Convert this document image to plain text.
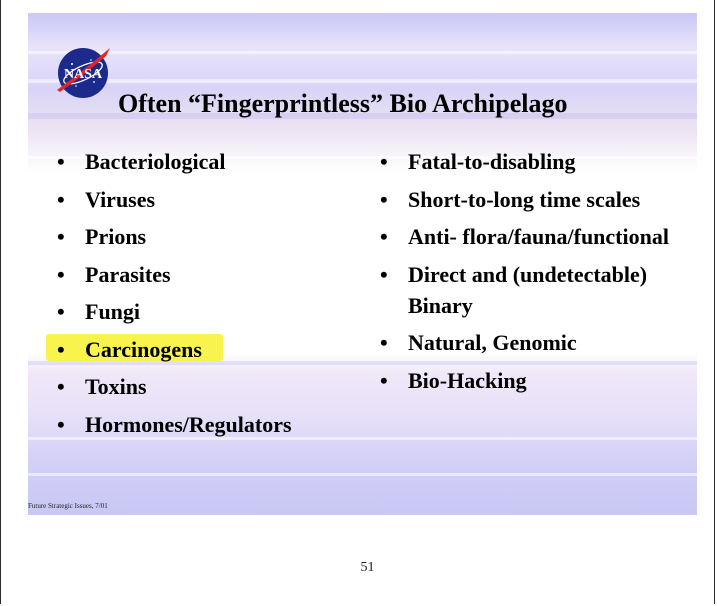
NASA
Often “Fingerprintless” Bio Archipelago
• Bacteriological
• Viruses
• Prions
• Parasites
• Fungi
• Carcinogens
• Toxins
• Hormones/Regulators
• Fatal-to-disabling
• Short-to-long time scales
• Anti- flora/fauna/functional
• Direct and (undetectable) Binary
• Natural, Genomic
• Bio-Hacking
Future Strategic Issues, 7/01
51
